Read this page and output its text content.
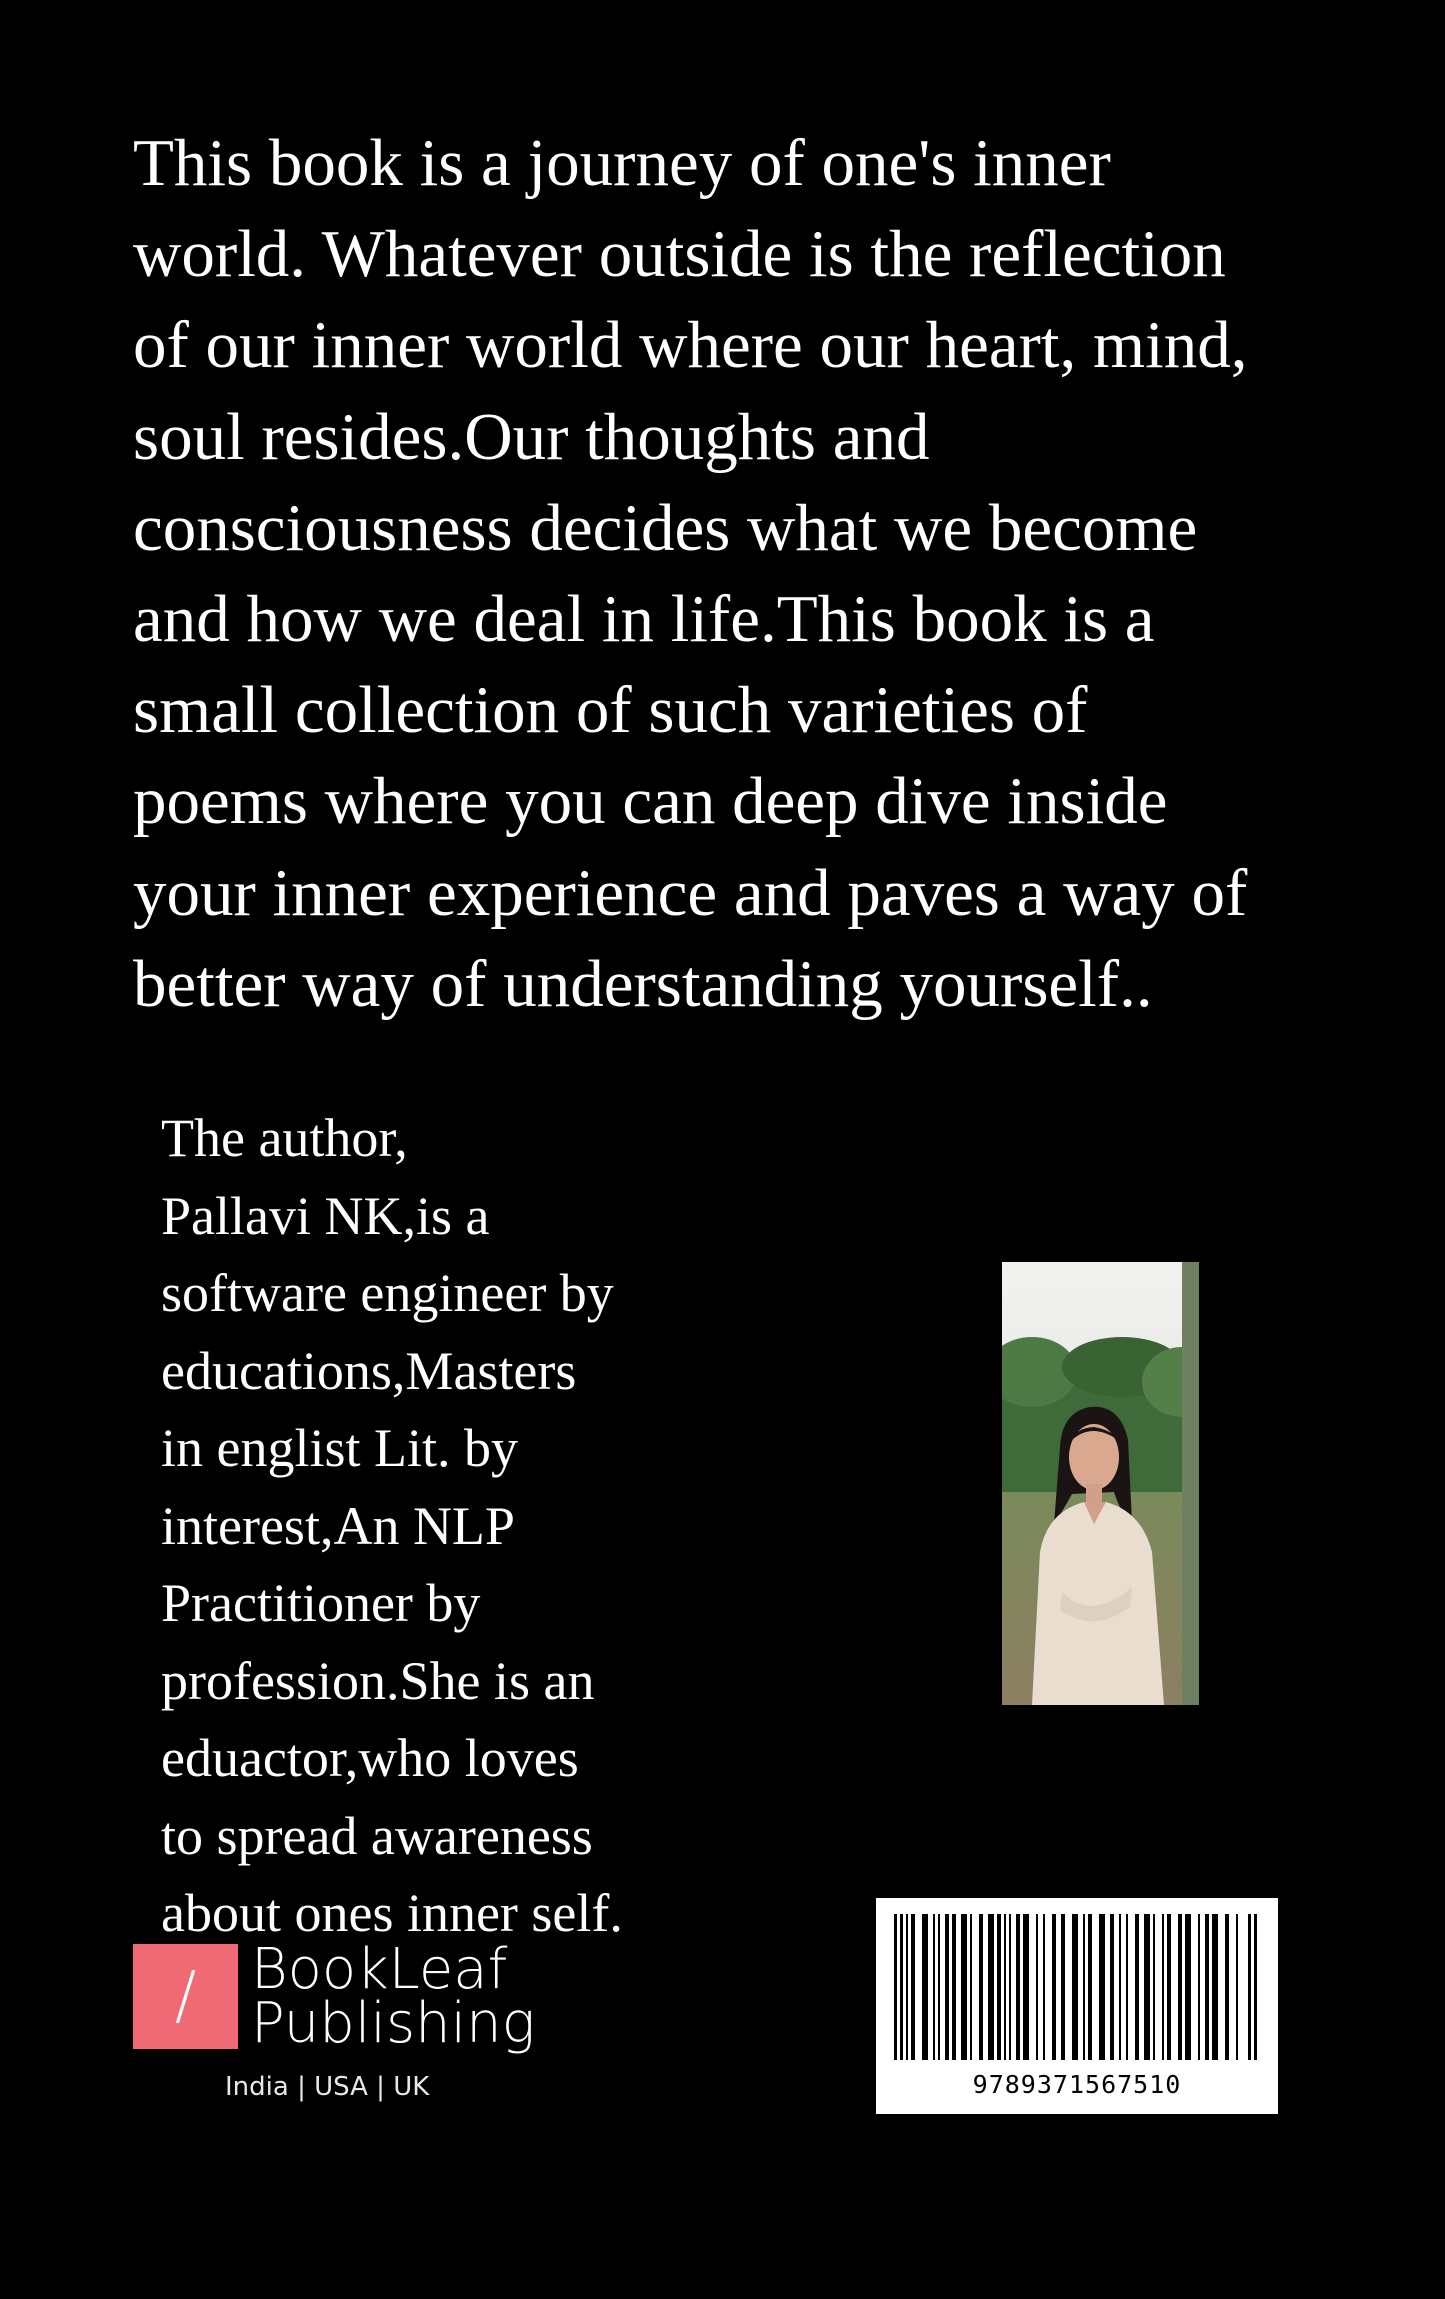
This book is a journey of one's inner
world. Whatever outside is the reflection
of our inner world where our heart, mind,
soul resides.Our thoughts and
consciousness decides what we become
and how we deal in life.This book is a
small collection of such varieties of
poems where you can deep dive inside
your inner experience and paves a way of
better way of understanding yourself..

The author,
Pallavi NK,is a
software engineer by
educations,Masters
in englist Lit. by
interest,An NLP
Practitioner by
profession.She is an
eduactor,who loves
to spread awareness
about ones inner self.

/ BookLeaf
Publishing
India | USA | UK	9789371567510
